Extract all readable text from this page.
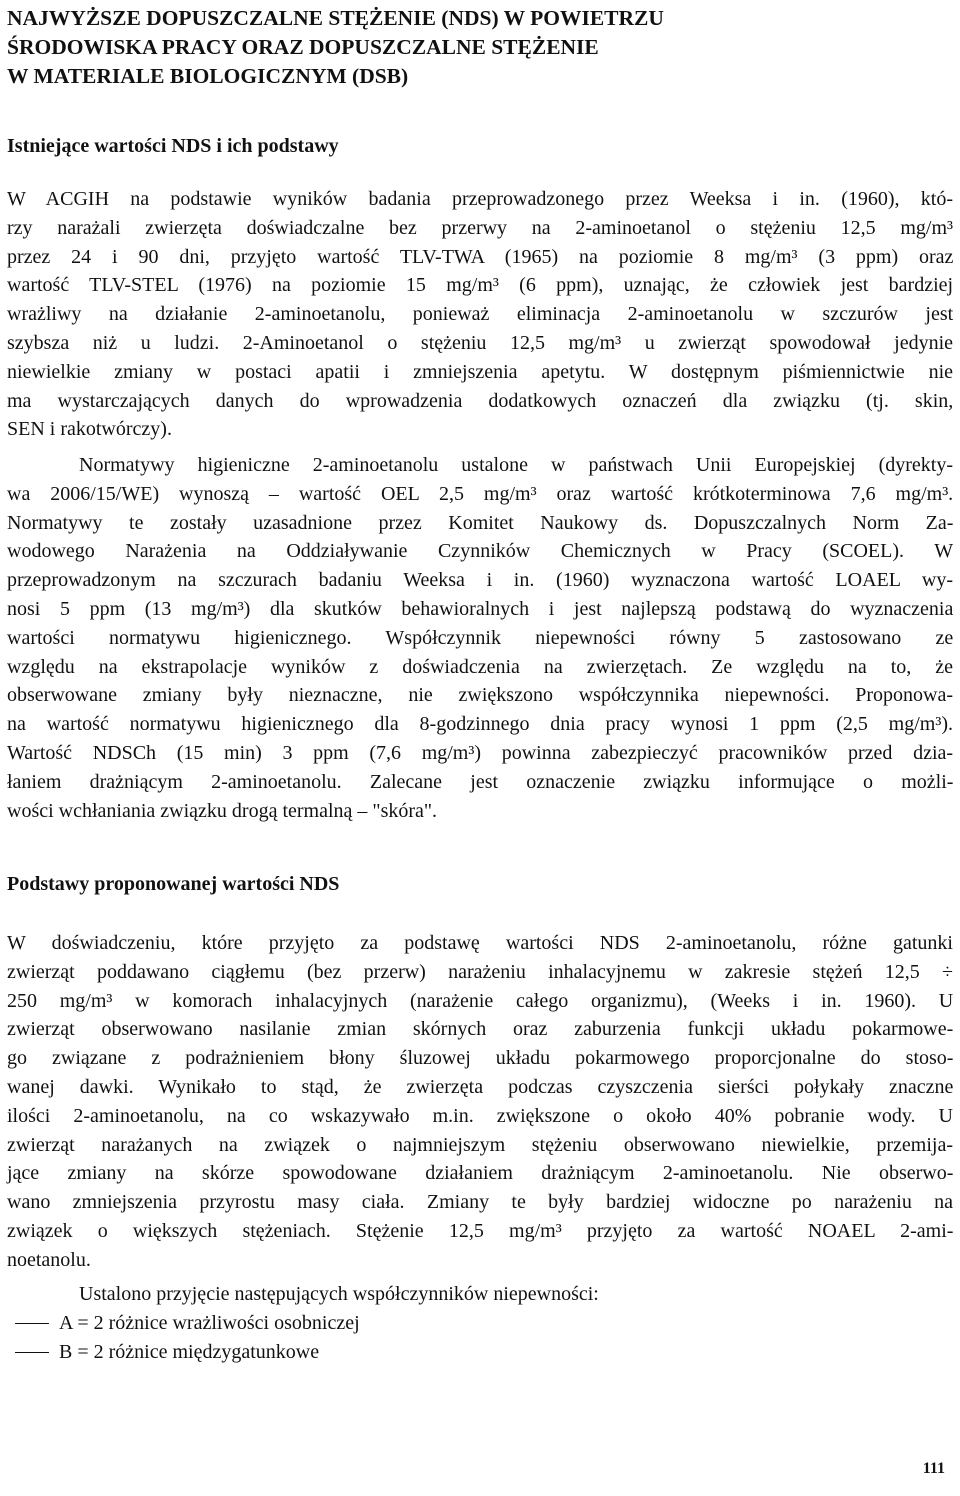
NAJWYŻSZE DOPUSZCZALNE STĘŻENIE (NDS) W POWIETRZU
ŚRODOWISKA PRACY ORAZ DOPUSZCZALNE STĘŻENIE
W MATERIALE BIOLOGICZNYM (DSB)
Istniejące wartości NDS i ich podstawy
W ACGIH na podstawie wyników badania przeprowadzonego przez Weeksa i in. (1960), któ-
rzy narażali zwierzęta doświadczalne bez przerwy na 2-aminoetanol o stężeniu 12,5 mg/m³
przez 24 i 90 dni, przyjęto wartość TLV-TWA (1965) na poziomie 8 mg/m³ (3 ppm) oraz
wartość TLV-STEL (1976) na poziomie 15 mg/m³ (6 ppm), uznając, że człowiek jest bardziej
wrażliwy na działanie 2-aminoetanolu, ponieważ eliminacja 2-aminoetanolu w szczurów jest
szybsza niż u ludzi. 2-Aminoetanol o stężeniu 12,5 mg/m³ u zwierząt spowodował jedynie
niewielkie zmiany w postaci apatii i zmniejszenia apetytu. W dostępnym piśmiennictwie nie
ma wystarczających danych do wprowadzenia dodatkowych oznaczeń dla związku (tj. skin,
SEN i rakotwórczy).
Normatywy higieniczne 2-aminoetanolu ustalone w państwach Unii Europejskiej (dyrekty-
wa 2006/15/WE) wynoszą – wartość OEL 2,5 mg/m³ oraz wartość krótkoterminowa 7,6 mg/m³.
Normatywy te zostały uzasadnione przez Komitet Naukowy ds. Dopuszczalnych Norm Za-
wodowego Narażenia na Oddziaływanie Czynników Chemicznych w Pracy (SCOEL). W
przeprowadzonym na szczurach badaniu Weeksa i in. (1960) wyznaczona wartość LOAEL wy-
nosi 5 ppm (13 mg/m³) dla skutków behawioralnych i jest najlepszą podstawą do wyznaczenia
wartości normatywu higienicznego. Współczynnik niepewności równy 5 zastosowano ze
względu na ekstrapolacje wyników z doświadczenia na zwierzętach. Ze względu na to, że
obserwowane zmiany były nieznaczne, nie zwiększono współczynnika niepewności. Proponowa-
na wartość normatywu higienicznego dla 8-godzinnego dnia pracy wynosi 1 ppm (2,5 mg/m³).
Wartość NDSCh (15 min) 3 ppm (7,6 mg/m³) powinna zabezpieczyć pracowników przed dzia-
łaniem drażniącym 2-aminoetanolu. Zalecane jest oznaczenie związku informujące o możli-
wości wchłaniania związku drogą termalną – "skóra".
Podstawy proponowanej wartości NDS
W doświadczeniu, które przyjęto za podstawę wartości NDS 2-aminoetanolu, różne gatunki
zwierząt poddawano ciągłemu (bez przerw) narażeniu inhalacyjnemu w zakresie stężeń 12,5 ÷
250 mg/m³ w komorach inhalacyjnych (narażenie całego organizmu), (Weeks i in. 1960). U
zwierząt obserwowano nasilanie zmian skórnych oraz zaburzenia funkcji układu pokarmowe-
go związane z podrażnieniem błony śluzowej układu pokarmowego proporcjonalne do stoso-
wanej dawki. Wynikało to stąd, że zwierzęta podczas czyszczenia sierści połykały znaczne
ilości 2-aminoetanolu, na co wskazywało m.in. zwiększone o około 40% pobranie wody. U
zwierząt narażanych na związek o najmniejszym stężeniu obserwowano niewielkie, przemija-
jące zmiany na skórze spowodowane działaniem drażniącym 2-aminoetanolu. Nie obserwo-
wano zmniejszenia przyrostu masy ciała. Zmiany te były bardziej widoczne po narażeniu na
związek o większych stężeniach. Stężenie 12,5 mg/m³ przyjęto za wartość NOAEL 2-ami-
noetanolu.
Ustalono przyjęcie następujących współczynników niepewności:
A = 2 różnice wrażliwości osobniczej
B = 2 różnice międzygatunkowe
111
